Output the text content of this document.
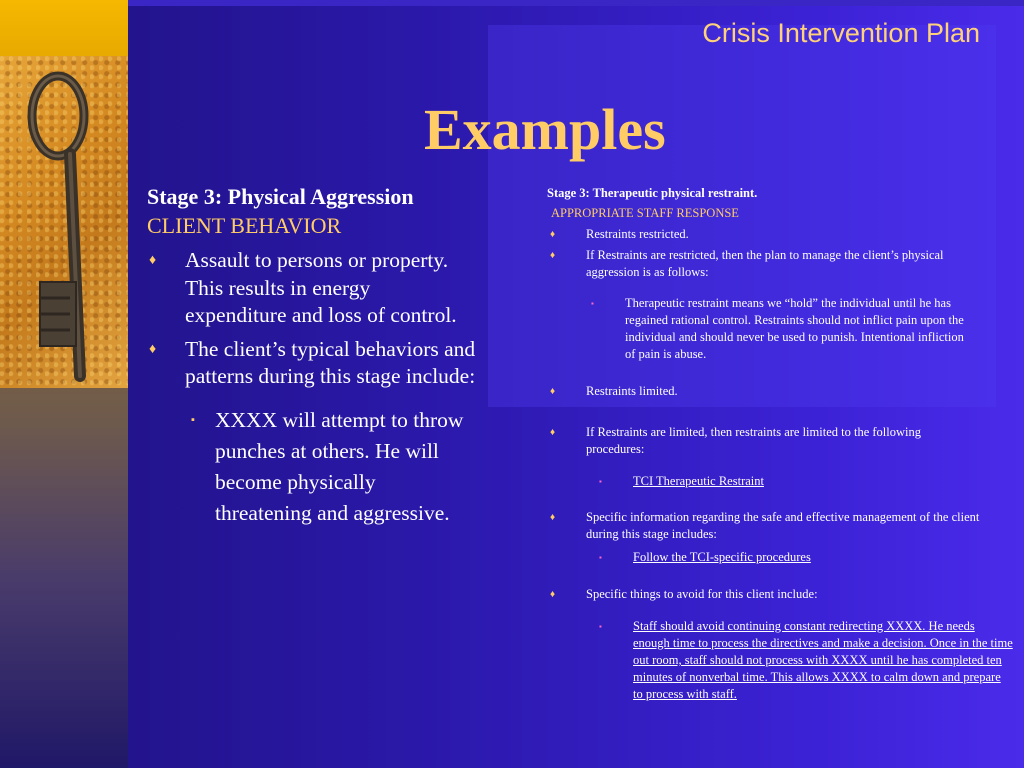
Crisis Intervention Plan
Examples
Stage 3: Physical Aggression
CLIENT BEHAVIOR
♦ Assault to persons or property. This results in energy expenditure and loss of control.
♦ The client’s typical behaviors and patterns during this stage include:
▪ XXXX will attempt to throw punches at others. He will become physically threatening and aggressive.
Stage 3: Therapeutic physical restraint.
APPROPRIATE STAFF RESPONSE
♦ Restraints restricted.
♦ If Restraints are restricted, then the plan to manage the client’s physical aggression is as follows:
▪ Therapeutic restraint means we “hold” the individual until he has regained rational control. Restraints should not inflict pain upon the individual and should never be used to punish. Intentional infliction of pain is abuse.
♦ Restraints limited.
♦ If Restraints are limited, then restraints are limited to the following procedures:
▪ TCI Therapeutic Restraint
♦ Specific information regarding the safe and effective management of the client during this stage includes:
▪ Follow the TCI-specific procedures
♦ Specific things to avoid for this client include:
▪ Staff should avoid continuing constant redirecting XXXX. He needs enough time to process the directives and make a decision. Once in the time out room, staff should not process with XXXX until he has completed ten minutes of nonverbal time. This allows XXXX to calm down and prepare to process with staff.
